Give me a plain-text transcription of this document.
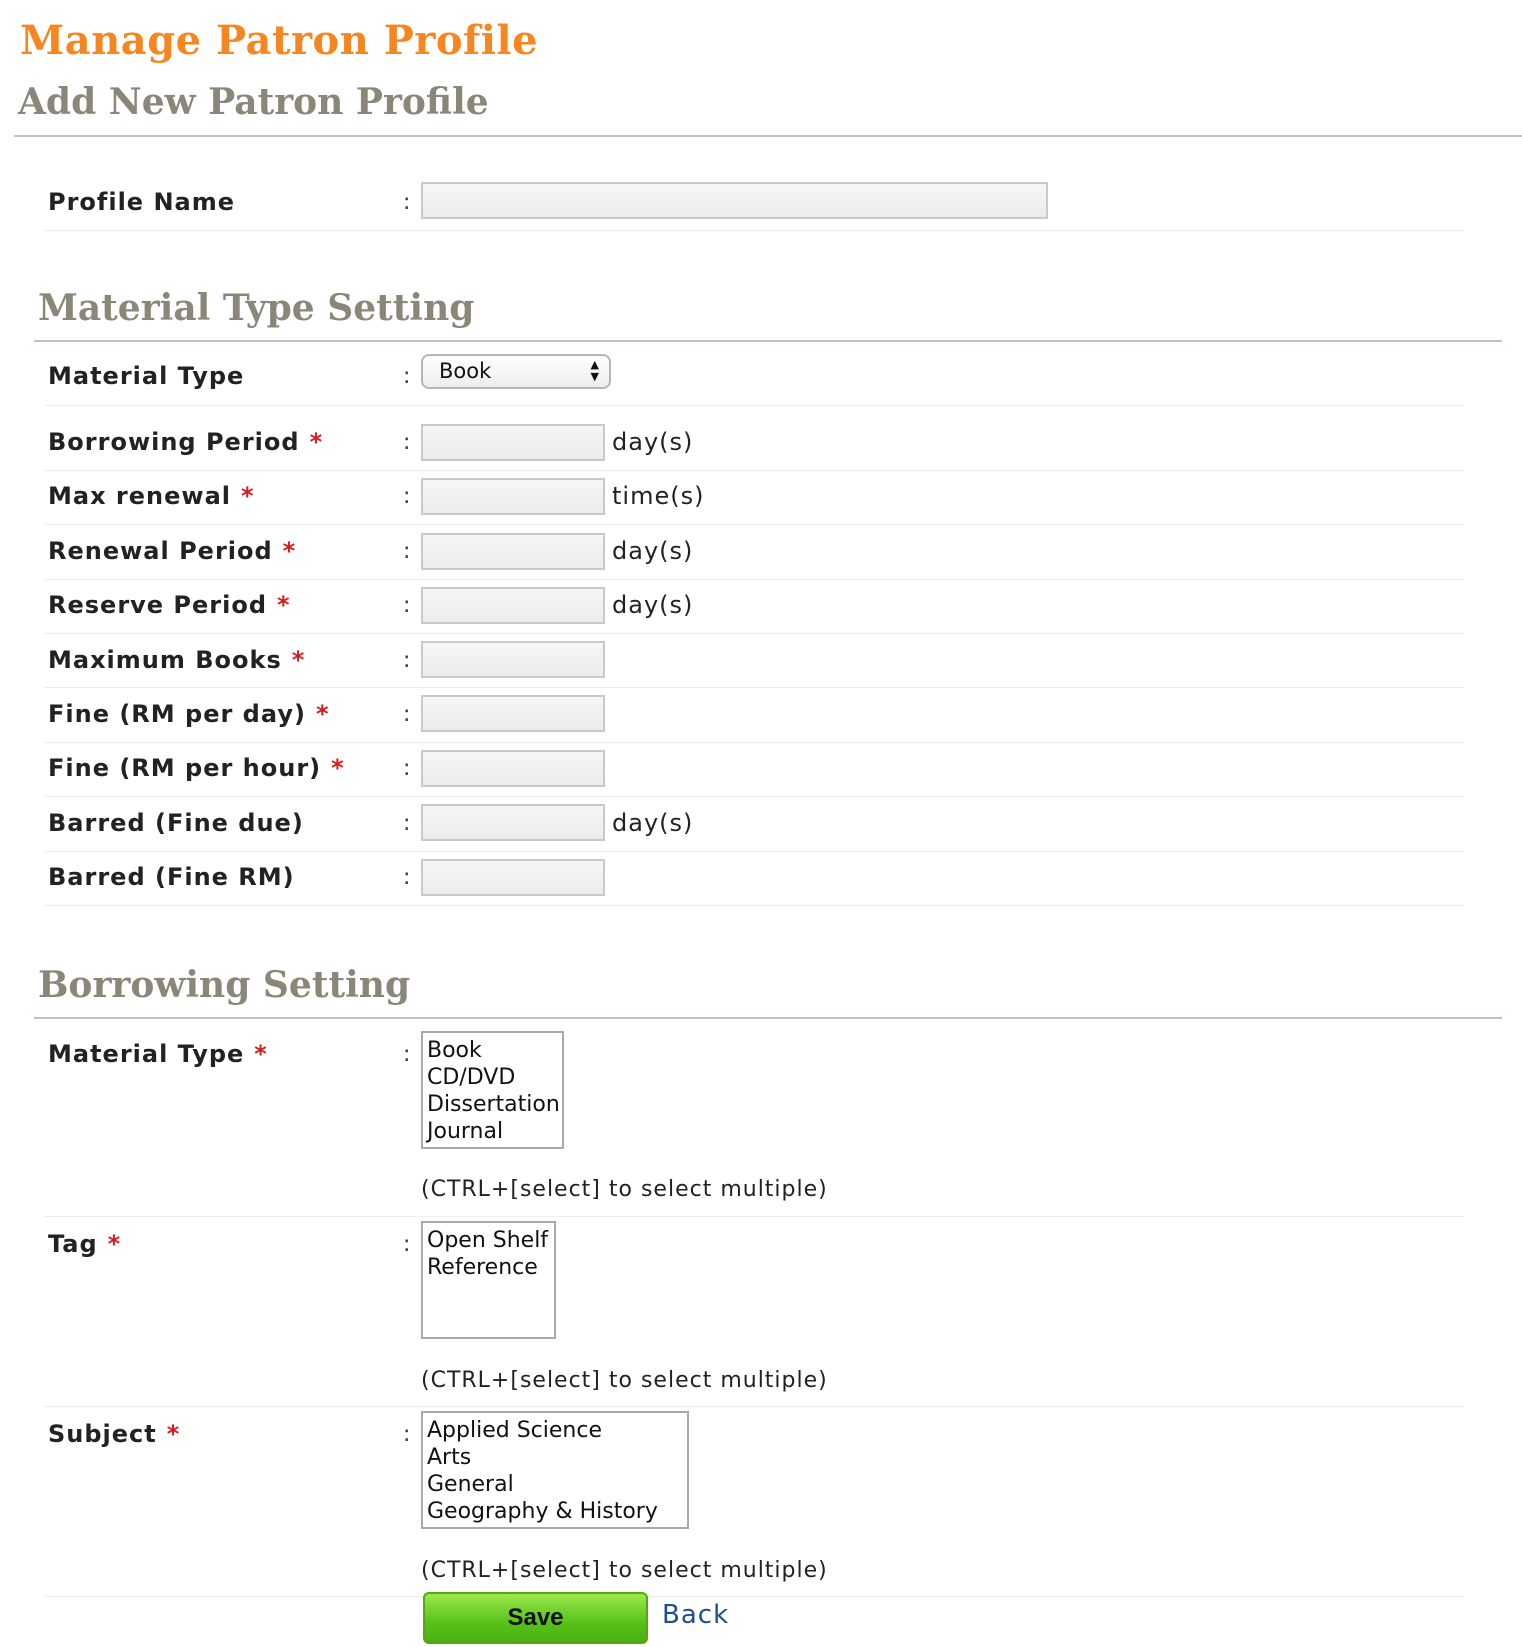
Manage Patron Profile
Add New Patron Profile
Profile Name	:
Material Type Setting
Material Type	:	Book	▲
▼
Borrowing Period *	:	day(s)
Max renewal *	:	time(s)
Renewal Period *	:	day(s)
Reserve Period *	:	day(s)
Maximum Books *	:
Fine (RM per day) *	:
Fine (RM per hour) *	:
Barred (Fine due)	:	day(s)
Barred (Fine RM)	:
Borrowing Setting
Material Type *	: Book
CD/DVD
Dissertation
Journal
(CTRL+[select] to select multiple)
Tag *	: Open Shelf
Reference
(CTRL+[select] to select multiple)
Subject *	: Applied Science
Arts
General
Geography & History
(CTRL+[select] to select multiple)
Save	Back
